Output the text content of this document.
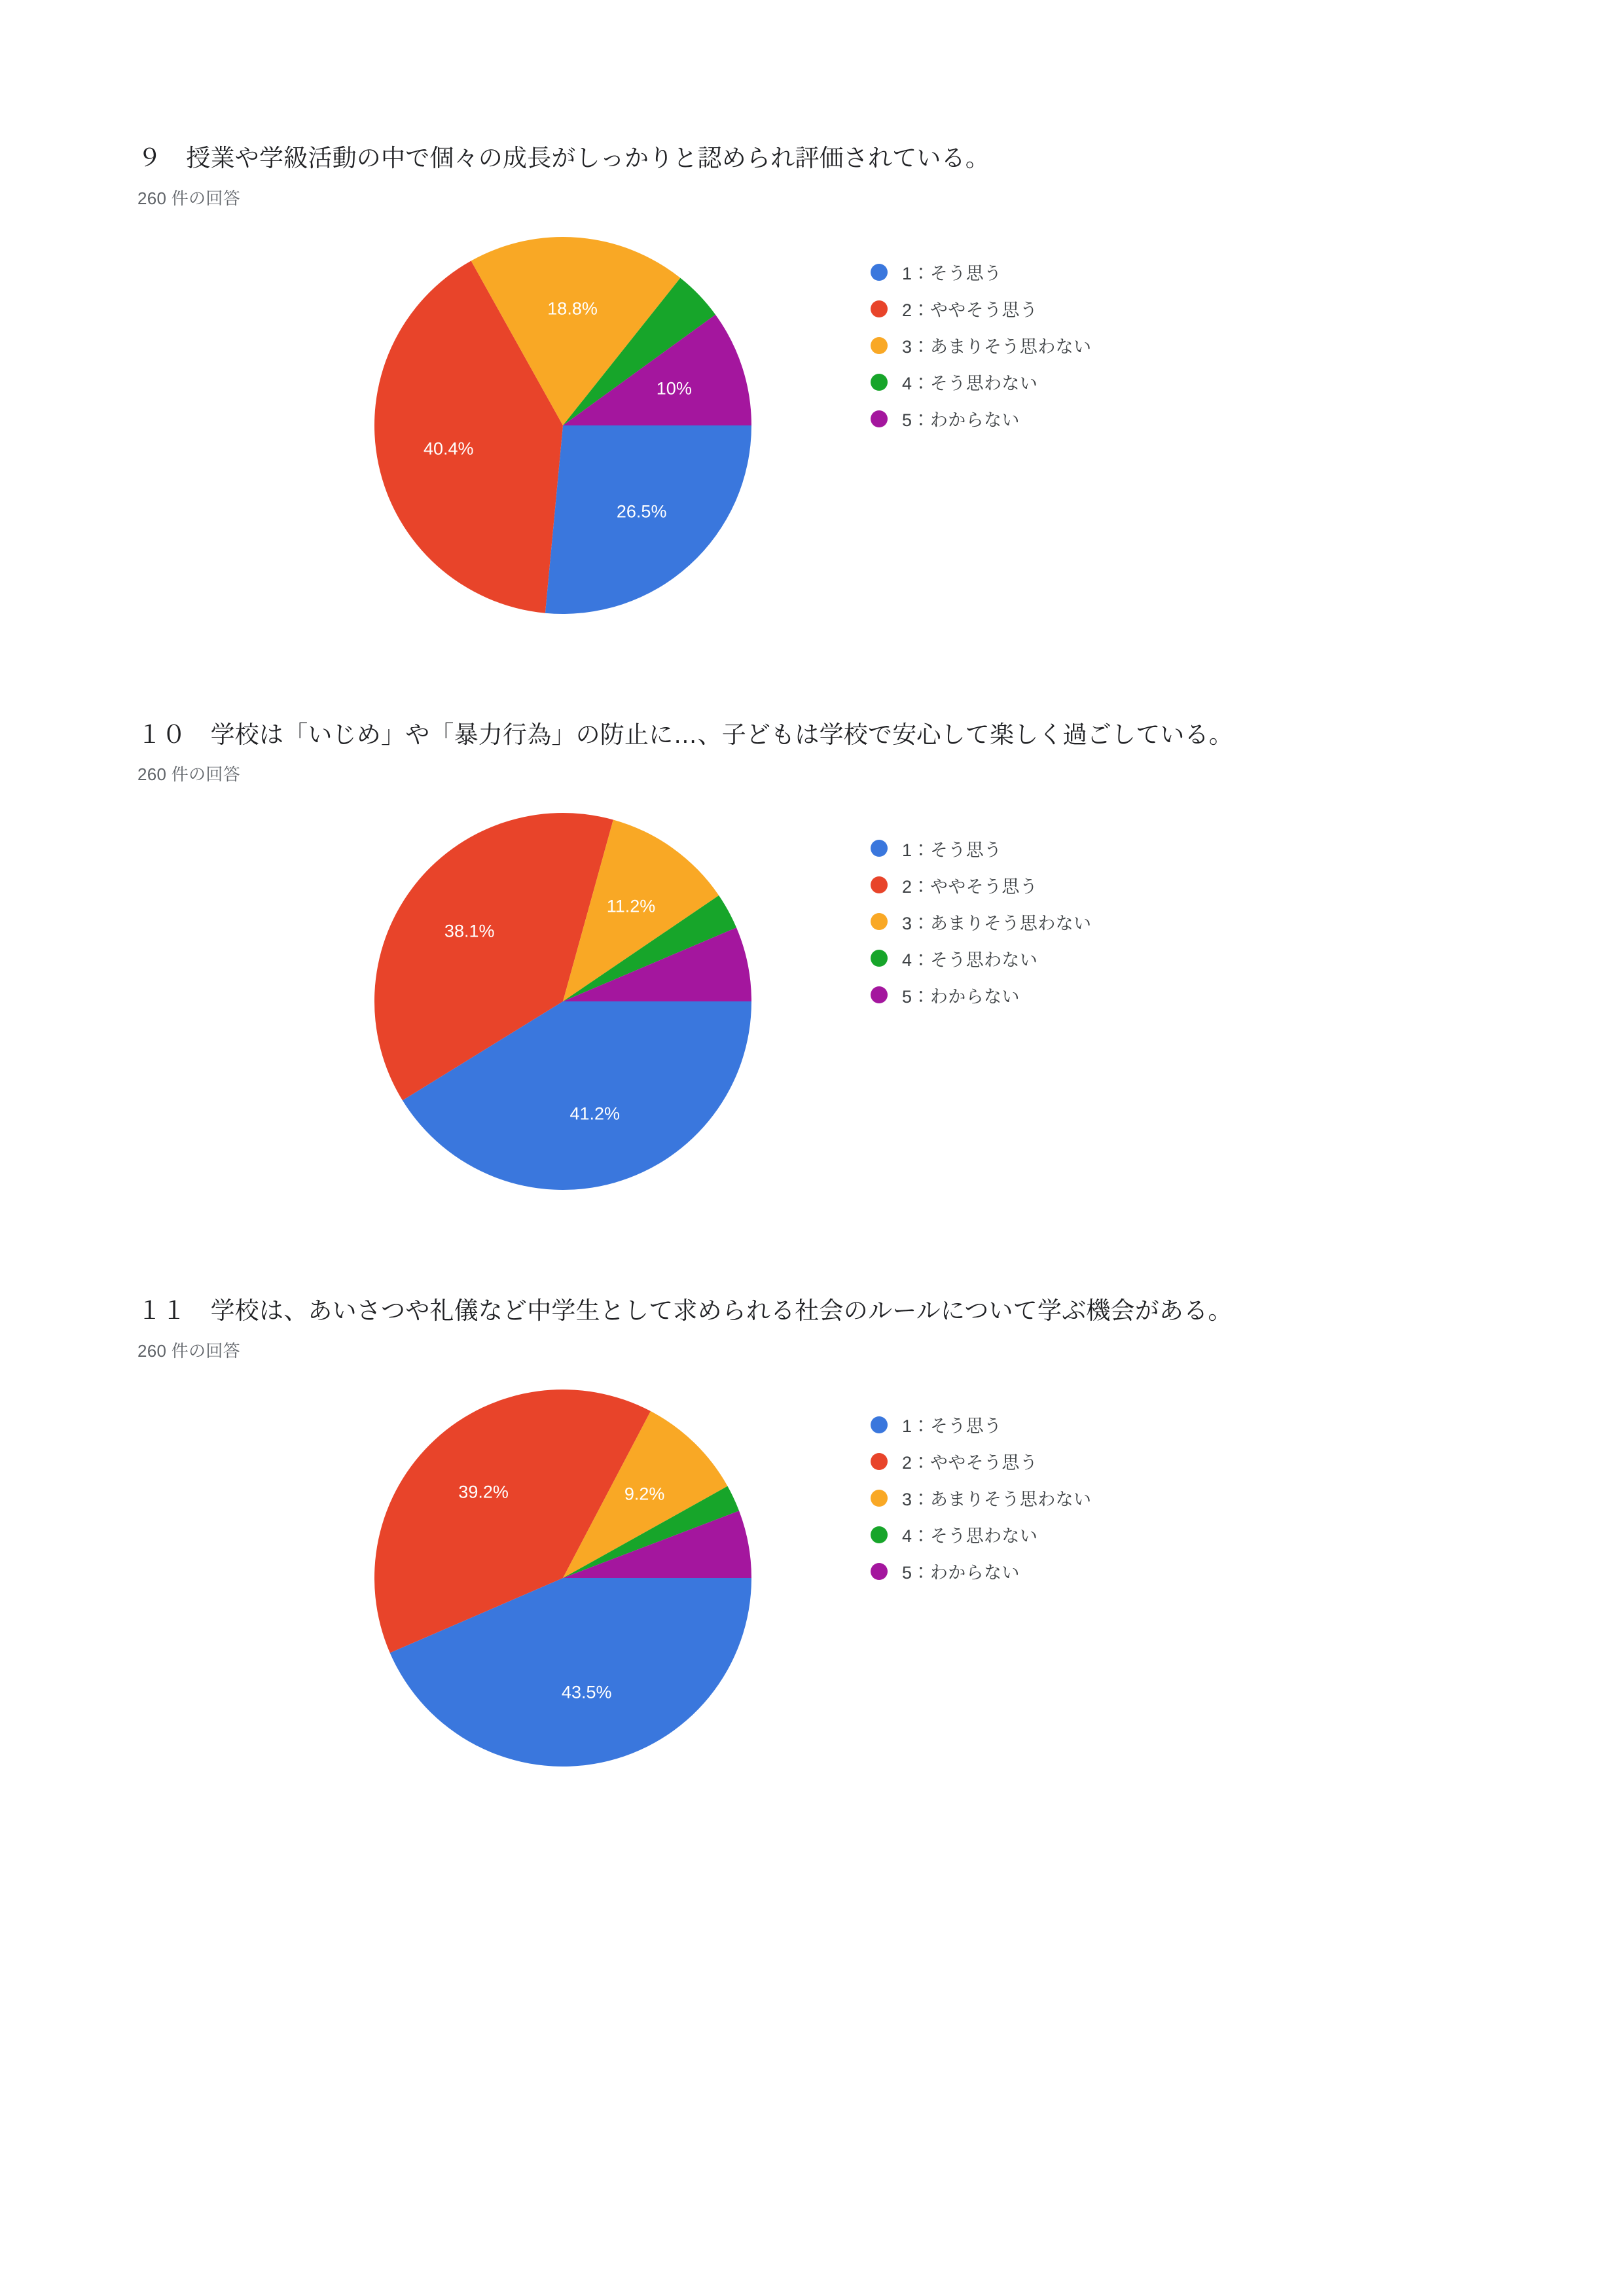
９　授業や学級活動の中で個々の成長がしっかりと認められ評価されている。
260 件の回答
26.5%
40.4%
18.8%
10%
1：そう思う
2：ややそう思う
3：あまりそう思わない
4：そう思わない
5：わからない
１０　学校は「いじめ」や「暴力行為」の防止に…、子どもは学校で安心して楽しく過ごしている。
260 件の回答
41.2%
38.1%
11.2%
1：そう思う
2：ややそう思う
3：あまりそう思わない
4：そう思わない
5：わからない
１１　学校は、あいさつや礼儀など中学生として求められる社会のルールについて学ぶ機会がある。
260 件の回答
43.5%
39.2%	9.2%
1：そう思う
2：ややそう思う
3：あまりそう思わない
4：そう思わない
5：わからない
